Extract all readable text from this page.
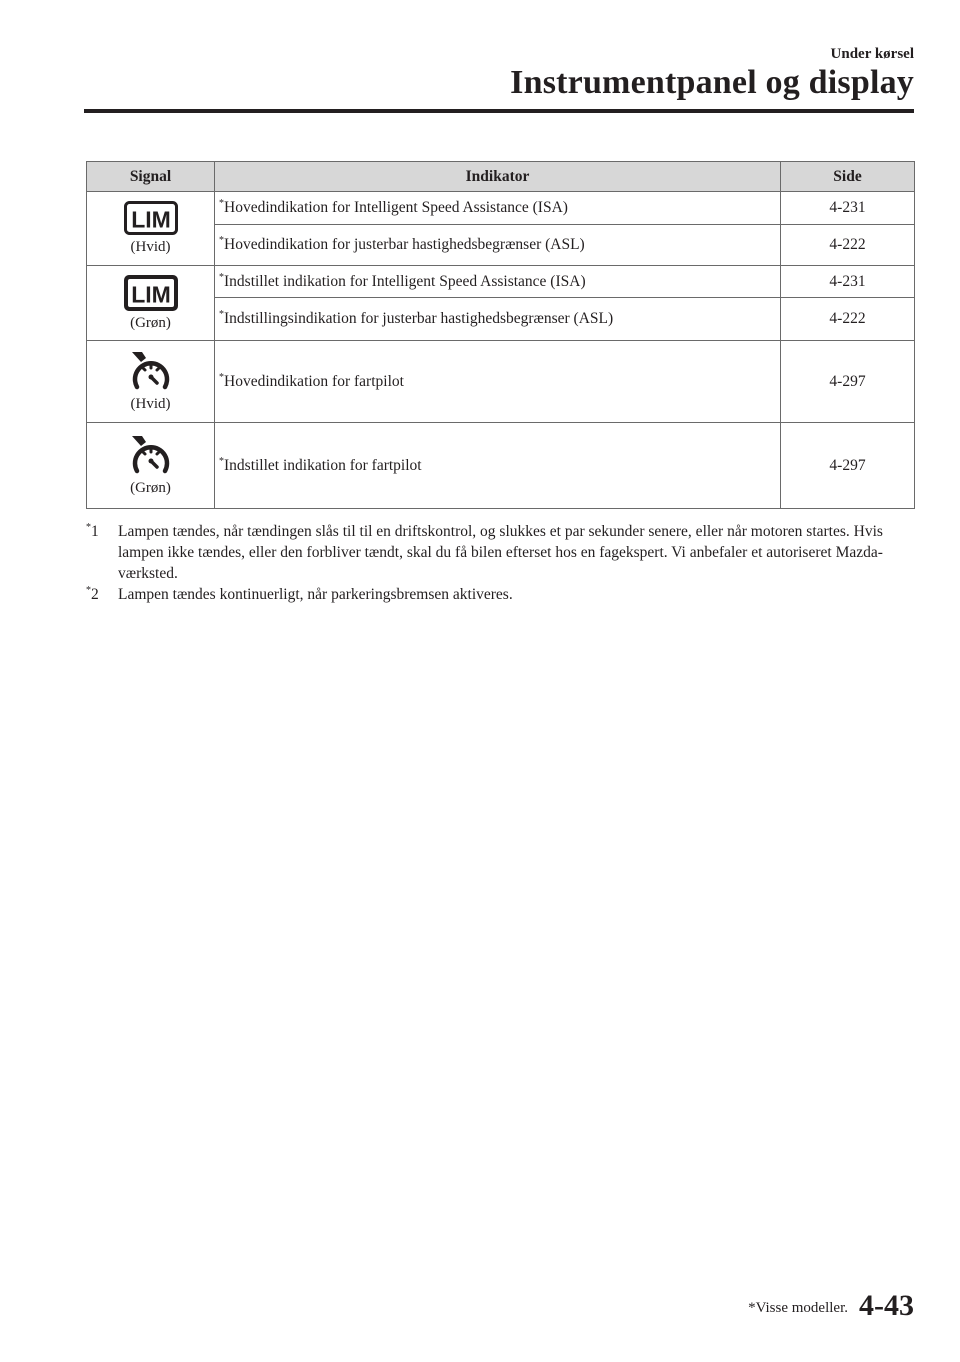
Under kørsel
Instrumentpanel og display
Signal	Indikator	Side

LIM
(Hvid)	*Hovedindikation for Intelligent Speed Assistance (ISA)	4-231
	*Hovedindikation for justerbar hastighedsbegrænser (ASL)	4-222

LIM
(Grøn)	*Indstillet indikation for Intelligent Speed Assistance (ISA)	4-231
	*Indstillingsindikation for justerbar hastighedsbegrænser (ASL)	4-222

(Hvid)	*Hovedindikation for fartpilot	4-297

(Grøn)	*Indstillet indikation for fartpilot	4-297
*1	Lampen tændes, når tændingen slås til til en driftskontrol, og slukkes et par sekunder senere, eller når motoren startes. Hvis lampen ikke tændes, eller den forbliver tændt, skal du få bilen efterset hos en fagekspert. Vi anbefaler et autoriseret Mazda-værksted.
*2	Lampen tændes kontinuerligt, når parkeringsbremsen aktiveres.
*Visse modeller. 4-43
